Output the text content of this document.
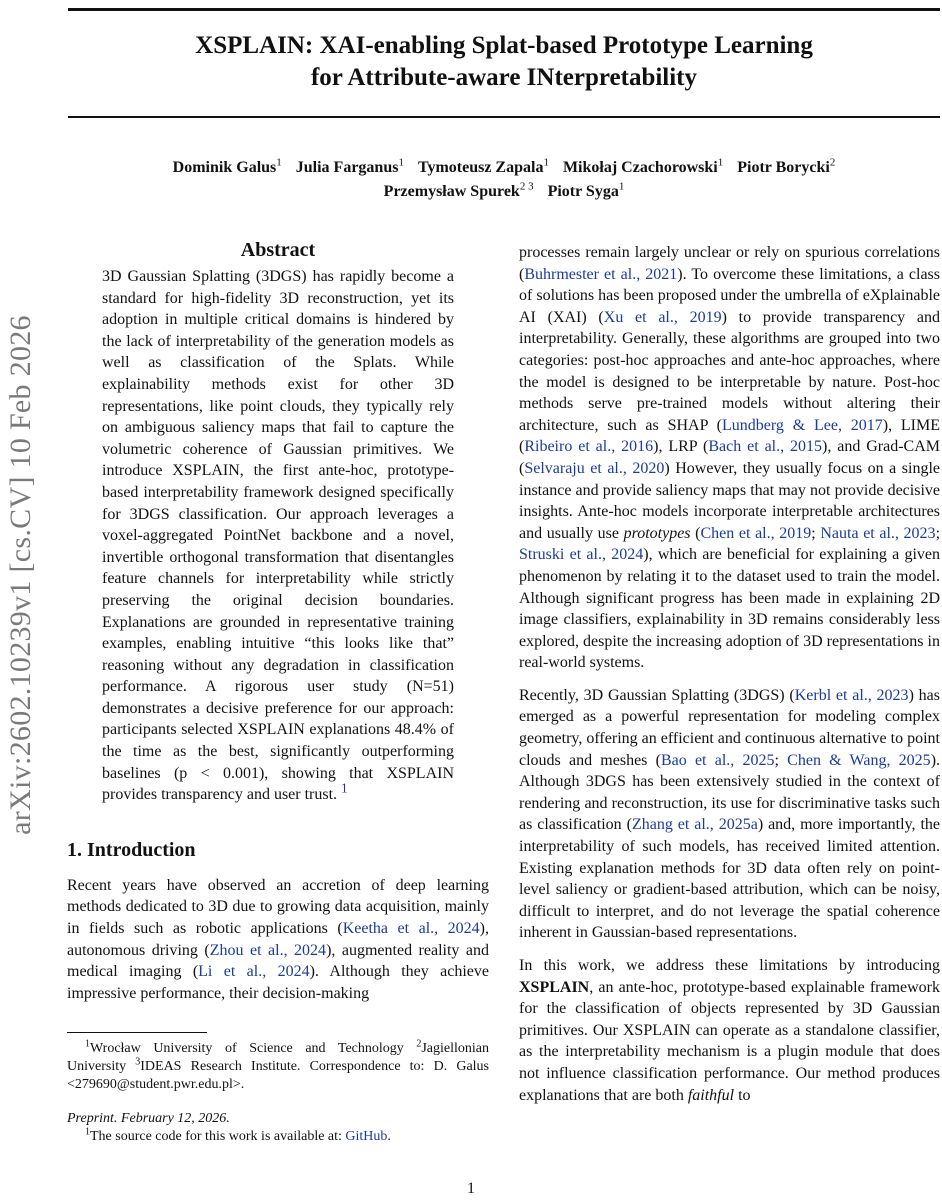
XSPLAIN: XAI-enabling Splat-based Prototype Learning
for Attribute-aware INterpretability
Dominik Galus$^1$ Julia Farganus$^1$ Tymoteusz Zapala$^1$ Mikołaj Czachorowski$^1$ Piotr Borycki$^2$
Przemysław Spurek$^{2 3}$ Piotr Syga$^1$
arXiv:2602.10239v1 [cs.CV] 10 Feb 2026
Abstract

3D Gaussian Splatting (3DGS) has rapidly become a standard for high-fidelity 3D reconstruction, yet its adoption in multiple critical domains is hindered by the lack of interpretability of the generation models as well as classification of the Splats. While explainability methods exist for other 3D representations, like point clouds, they typically rely on ambiguous saliency maps that fail to capture the volumetric coherence of Gaussian primitives. We introduce XSPLAIN, the first ante-hoc, prototype-based interpretability framework designed specifically for 3DGS classification. Our approach leverages a voxel-aggregated PointNet backbone and a novel, invertible orthogonal transformation that disentangles feature channels for interpretability while strictly preserving the original decision boundaries. Explanations are grounded in representative training examples, enabling intuitive “this looks like that” reasoning without any degradation in classification performance. A rigorous user study (N=51) demonstrates a decisive preference for our approach: participants selected XSPLAIN explanations 48.4% of the time as the best, significantly outperforming baselines (p < 0.001), showing that XSPLAIN provides transparency and user trust. $^1$

1. Introduction

Recent years have observed an accretion of deep learning methods dedicated to 3D due to growing data acquisition, mainly in fields such as robotic applications (Keetha et al., 2024), autonomous driving (Zhou et al., 2024), augmented reality and medical imaging (Li et al., 2024). Although they achieve impressive performance, their decision-making

$^1$Wrocław University of Science and Technology $^2$Jagiellonian University $^3$IDEAS Research Institute. Correspondence to: D. Galus <279690@student.pwr.edu.pl>.

Preprint. February 12, 2026.

$^1$The source code for this work is available at: GitHub.

processes remain largely unclear or rely on spurious correlations (Buhrmester et al., 2021). To overcome these limitations, a class of solutions has been proposed under the umbrella of eXplainable AI (XAI) (Xu et al., 2019) to provide transparency and interpretability. Generally, these algorithms are grouped into two categories: post-hoc approaches and ante-hoc approaches, where the model is designed to be interpretable by nature. Post-hoc methods serve pre-trained models without altering their architecture, such as SHAP (Lundberg & Lee, 2017), LIME (Ribeiro et al., 2016), LRP (Bach et al., 2015), and Grad-CAM (Selvaraju et al., 2020) However, they usually focus on a single instance and provide saliency maps that may not provide decisive insights. Ante-hoc models incorporate interpretable architectures and usually use prototypes (Chen et al., 2019; Nauta et al., 2023; Struski et al., 2024), which are beneficial for explaining a given phenomenon by relating it to the dataset used to train the model. Although significant progress has been made in explaining 2D image classifiers, explainability in 3D remains considerably less explored, despite the increasing adoption of 3D representations in real-world systems.

Recently, 3D Gaussian Splatting (3DGS) (Kerbl et al., 2023) has emerged as a powerful representation for modeling complex geometry, offering an efficient and continuous alternative to point clouds and meshes (Bao et al., 2025; Chen & Wang, 2025). Although 3DGS has been extensively studied in the context of rendering and reconstruction, its use for discriminative tasks such as classification (Zhang et al., 2025a) and, more importantly, the interpretability of such models, has received limited attention. Existing explanation methods for 3D data often rely on point-level saliency or gradient-based attribution, which can be noisy, difficult to interpret, and do not leverage the spatial coherence inherent in Gaussian-based representations.

In this work, we address these limitations by introducing XSPLAIN, an ante-hoc, prototype-based explainable framework for the classification of objects represented by 3D Gaussian primitives. Our XSPLAIN can operate as a standalone classifier, as the interpretability mechanism is a plugin module that does not influence classification performance. Our method produces explanations that are both faithful to

1
